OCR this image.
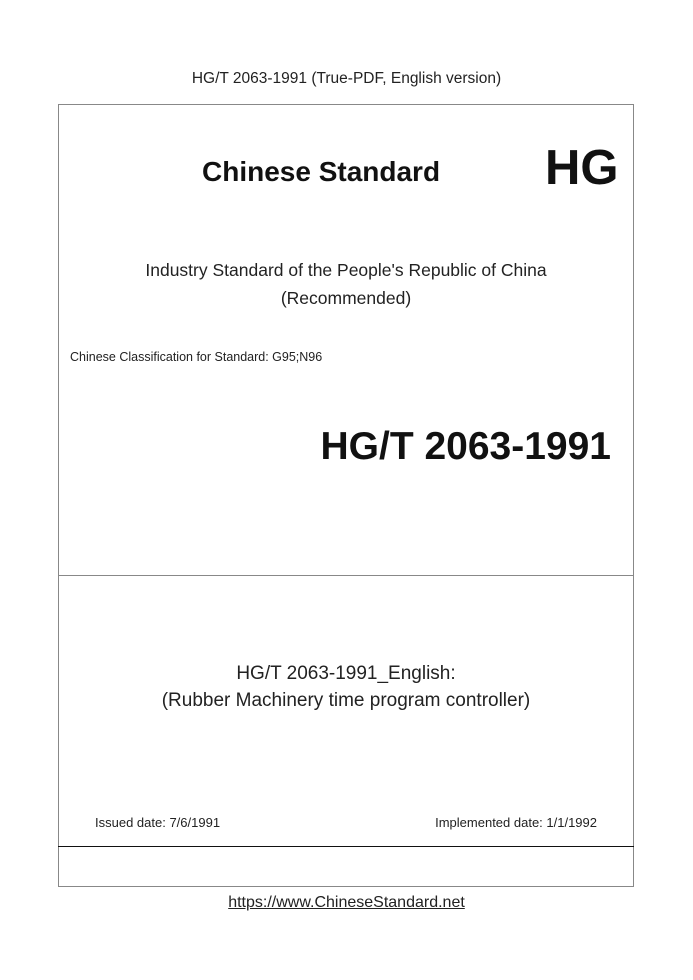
HG/T 2063-1991 (True-PDF, English version)
Chinese Standard HG
Industry Standard of the People's Republic of China
(Recommended)
Chinese Classification for Standard: G95;N96
HG/T 2063-1991
HG/T 2063-1991_English:
(Rubber Machinery time program controller)
Issued date: 7/6/1991	Implemented date: 1/1/1992
https://www.ChineseStandard.net
